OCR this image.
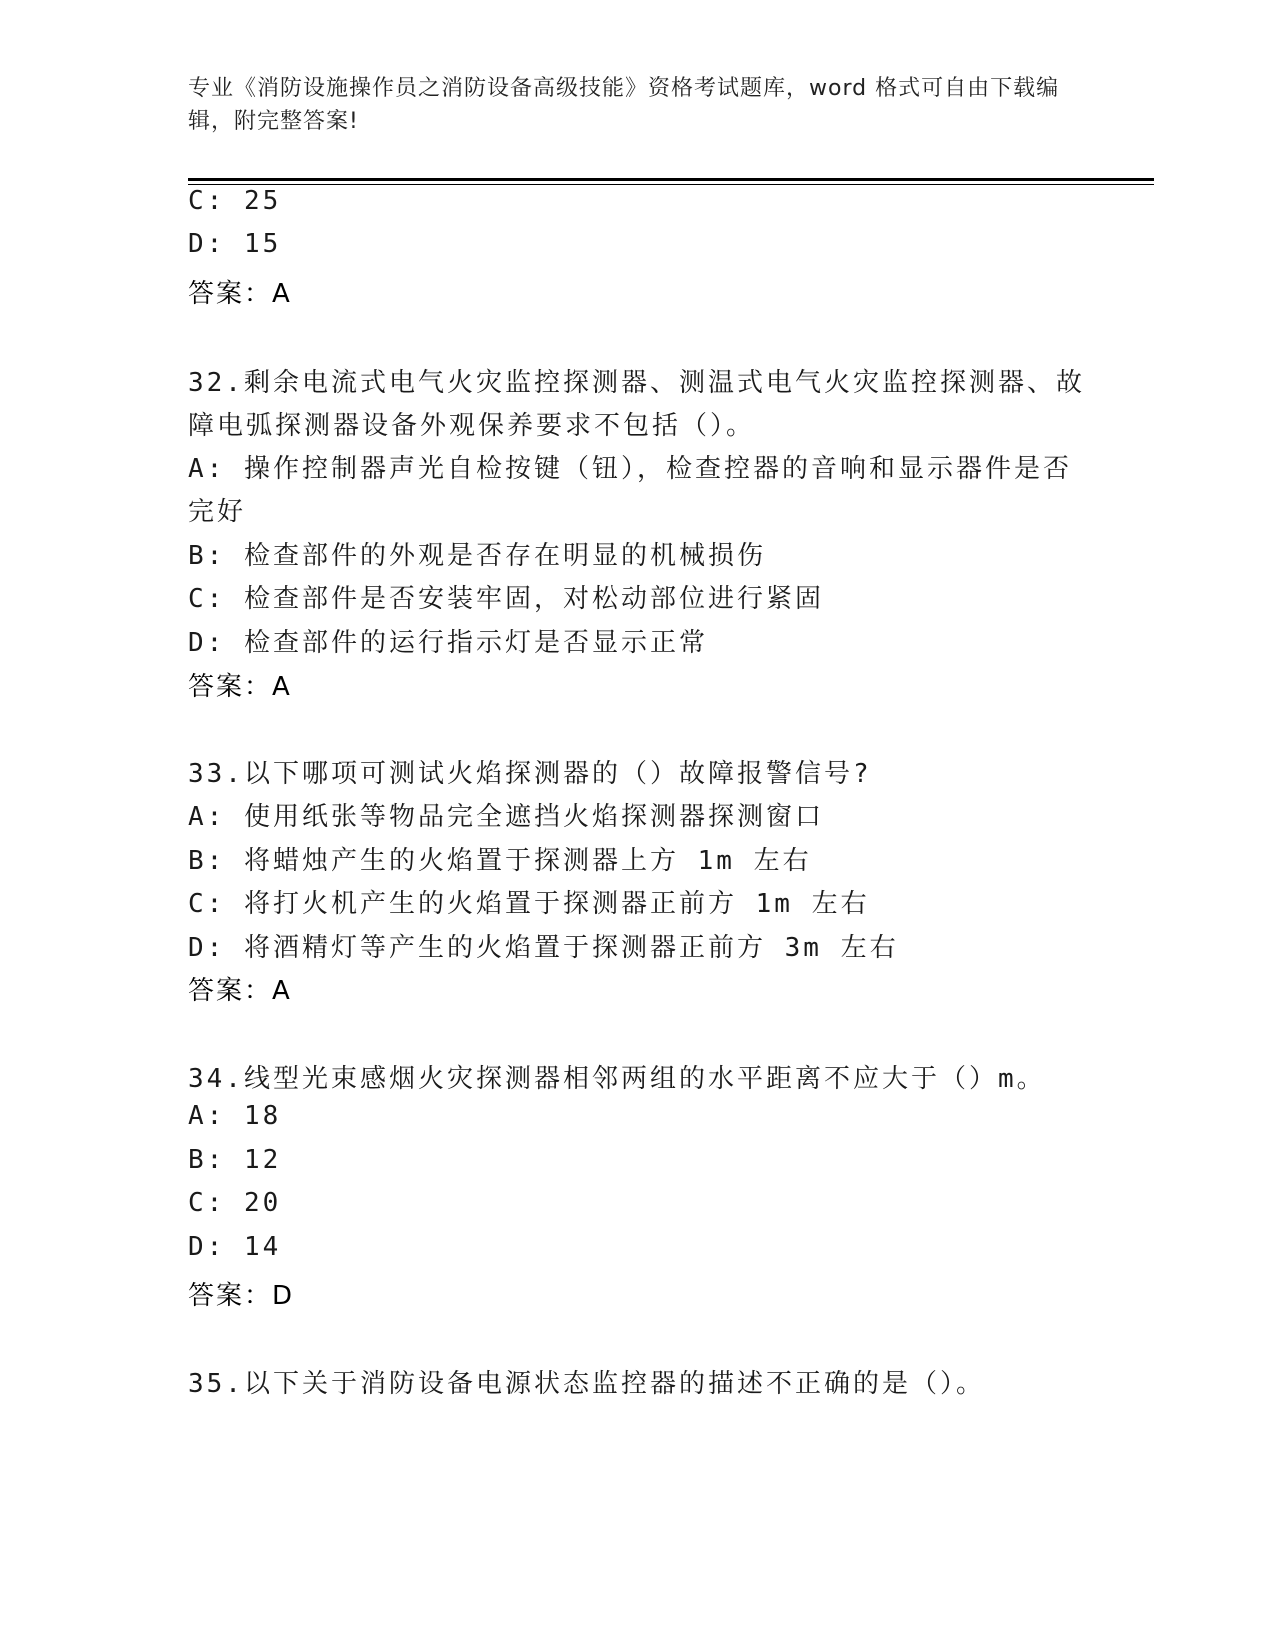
专业《消防设施操作员之消防设备高级技能》资格考试题库，word 格式可自由下载编辑，附完整答案!
C: 25
D: 15
答案：A
32.剩余电流式电气火灾监控探测器、测温式电气火灾监控探测器、故
障电弧探测器设备外观保养要求不包括（）。
A: 操作控制器声光自检按键（钮），检查控器的音响和显示器件是否
完好
B: 检查部件的外观是否存在明显的机械损伤
C: 检查部件是否安装牢固，对松动部位进行紧固
D: 检查部件的运行指示灯是否显示正常
答案：A
33.以下哪项可测试火焰探测器的（）故障报警信号?
A: 使用纸张等物品完全遮挡火焰探测器探测窗口
B: 将蜡烛产生的火焰置于探测器上方 1m 左右
C: 将打火机产生的火焰置于探测器正前方 1m 左右
D: 将酒精灯等产生的火焰置于探测器正前方 3m 左右
答案：A
34.线型光束感烟火灾探测器相邻两组的水平距离不应大于（）m。
A: 18
B: 12
C: 20
D: 14
答案：D
35.以下关于消防设备电源状态监控器的描述不正确的是（）。
